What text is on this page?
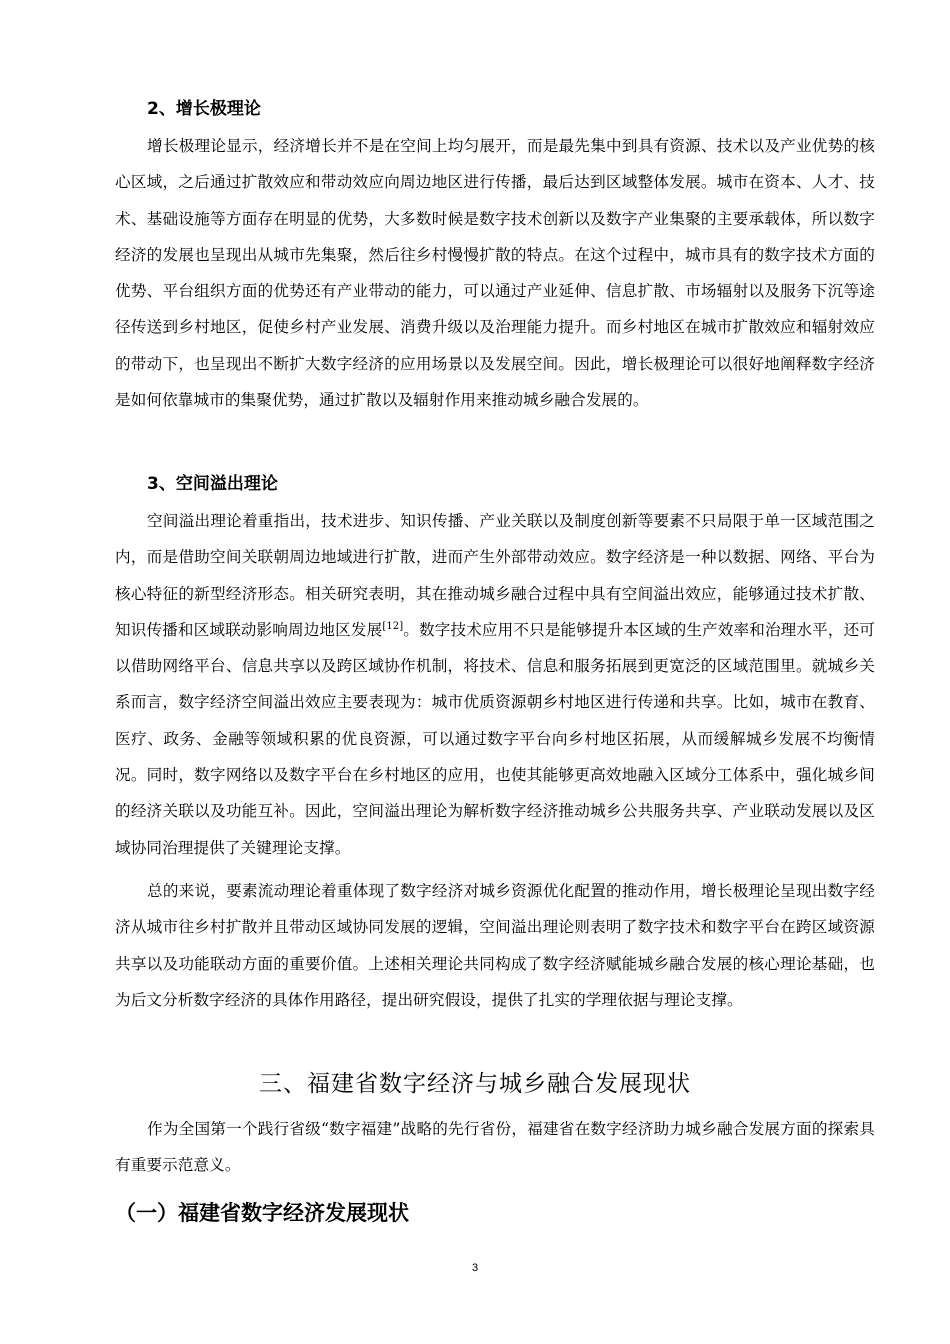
2、增长极理论

增长极理论显示，经济增长并不是在空间上均匀展开，而是最先集中到具有资源、技术以及产业优势的核心区域，之后通过扩散效应和带动效应向周边地区进行传播，最后达到区域整体发展。城市在资本、人才、技术、基础设施等方面存在明显的优势，大多数时候是数字技术创新以及数字产业集聚的主要承载体，所以数字经济的发展也呈现出从城市先集聚，然后往乡村慢慢扩散的特点。在这个过程中，城市具有的数字技术方面的优势、平台组织方面的优势还有产业带动的能力，可以通过产业延伸、信息扩散、市场辐射以及服务下沉等途径传送到乡村地区，促使乡村产业发展、消费升级以及治理能力提升。而乡村地区在城市扩散效应和辐射效应的带动下，也呈现出不断扩大数字经济的应用场景以及发展空间。因此，增长极理论可以很好地阐释数字经济是如何依靠城市的集聚优势，通过扩散以及辐射作用来推动城乡融合发展的。

3、空间溢出理论

空间溢出理论着重指出，技术进步、知识传播、产业关联以及制度创新等要素不只局限于单一区域范围之内，而是借助空间关联朝周边地域进行扩散，进而产生外部带动效应。数字经济是一种以数据、网络、平台为核心特征的新型经济形态。相关研究表明，其在推动城乡融合过程中具有空间溢出效应，能够通过技术扩散、知识传播和区域联动影响周边地区发展[12]。数字技术应用不只是能够提升本区域的生产效率和治理水平，还可以借助网络平台、信息共享以及跨区域协作机制，将技术、信息和服务拓展到更宽泛的区域范围里。就城乡关系而言，数字经济空间溢出效应主要表现为：城市优质资源朝乡村地区进行传递和共享。比如，城市在教育、医疗、政务、金融等领域积累的优良资源，可以通过数字平台向乡村地区拓展，从而缓解城乡发展不均衡情况。同时，数字网络以及数字平台在乡村地区的应用，也使其能够更高效地融入区域分工体系中，强化城乡间的经济关联以及功能互补。因此，空间溢出理论为解析数字经济推动城乡公共服务共享、产业联动发展以及区域协同治理提供了关键理论支撑。

总的来说，要素流动理论着重体现了数字经济对城乡资源优化配置的推动作用，增长极理论呈现出数字经济从城市往乡村扩散并且带动区域协同发展的逻辑，空间溢出理论则表明了数字技术和数字平台在跨区域资源共享以及功能联动方面的重要价值。上述相关理论共同构成了数字经济赋能城乡融合发展的核心理论基础，也为后文分析数字经济的具体作用路径，提出研究假设，提供了扎实的学理依据与理论支撑。

三、福建省数字经济与城乡融合发展现状

作为全国第一个践行省级“数字福建”战略的先行省份，福建省在数字经济助力城乡融合发展方面的探索具有重要示范意义。

（一）福建省数字经济发展现状
3
